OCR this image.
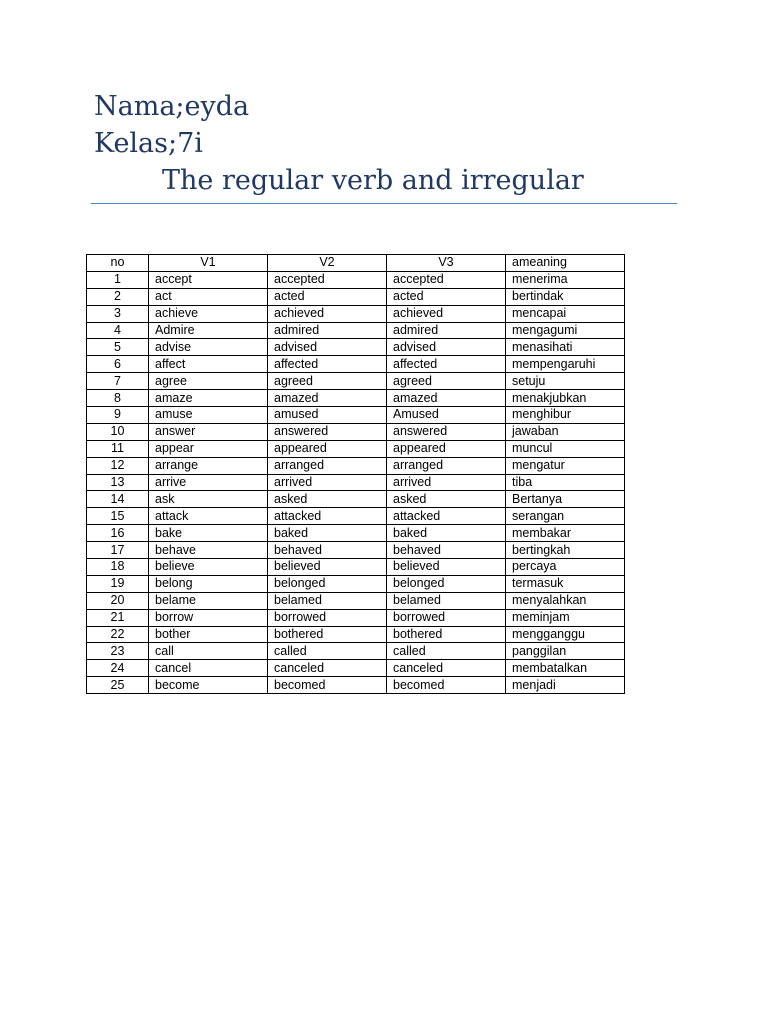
Nama;eyda
Kelas;7i
The regular verb and irregular
no	V1	V2	V3	ameaning
1	accept	accepted	accepted	menerima
2	act	acted	acted	bertindak
3	achieve	achieved	achieved	mencapai
4	Admire	admired	admired	mengagumi
5	advise	advised	advised	menasihati
6	affect	affected	affected	mempengaruhi
7	agree	agreed	agreed	setuju
8	amaze	amazed	amazed	menakjubkan
9	amuse	amused	Amused	menghibur
10	answer	answered	answered	jawaban
11	appear	appeared	appeared	muncul
12	arrange	arranged	arranged	mengatur
13	arrive	arrived	arrived	tiba
14	ask	asked	asked	Bertanya
15	attack	attacked	attacked	serangan
16	bake	baked	baked	membakar
17	behave	behaved	behaved	bertingkah
18	believe	believed	believed	percaya
19	belong	belonged	belonged	termasuk
20	belame	belamed	belamed	menyalahkan
21	borrow	borrowed	borrowed	meminjam
22	bother	bothered	bothered	mengganggu
23	call	called	called	panggilan
24	cancel	canceled	canceled	membatalkan
25	become	becomed	becomed	menjadi
